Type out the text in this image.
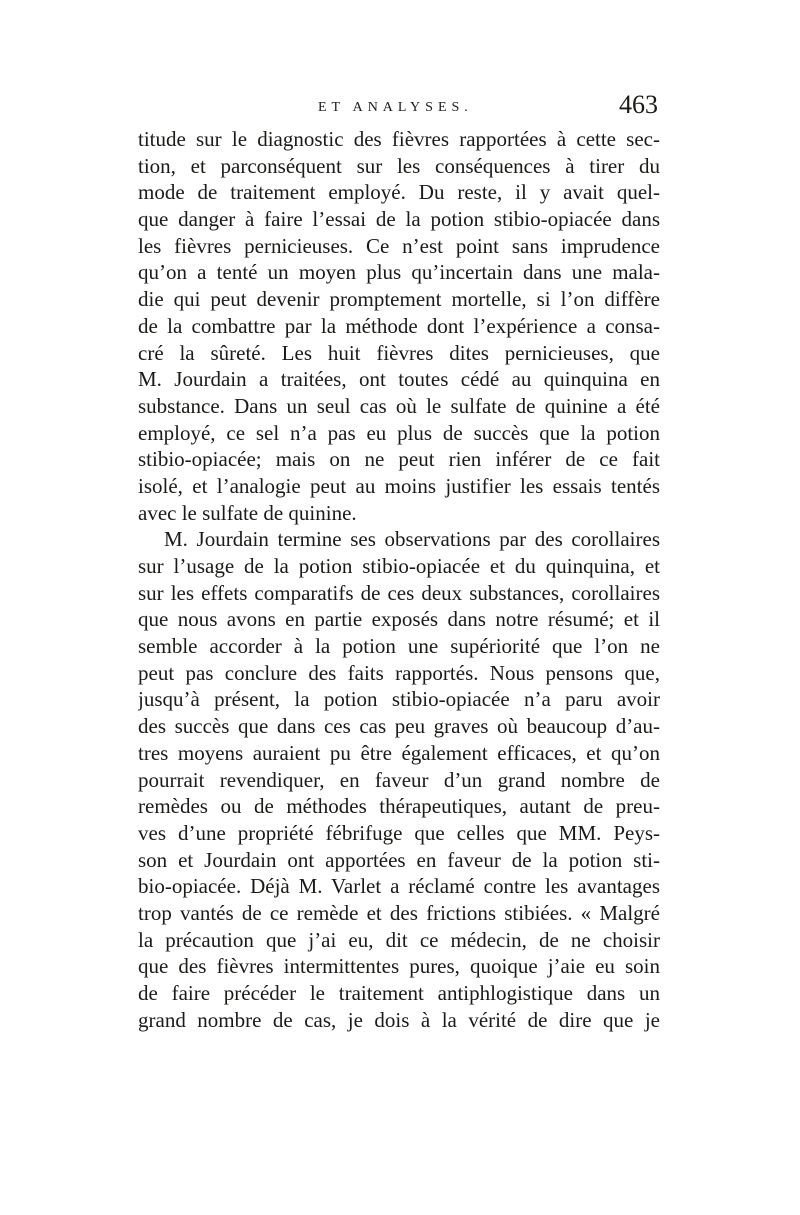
ET ANALYSES.	463
titude sur le diagnostic des fièvres rapportées à cette sec-
tion, et parconséquent sur les conséquences à tirer du
mode de traitement employé. Du reste, il y avait quel-
que danger à faire l’essai de la potion stibio-opiacée dans
les fièvres pernicieuses. Ce n’est point sans imprudence
qu’on a tenté un moyen plus qu’incertain dans une mala-
die qui peut devenir promptement mortelle, si l’on diffère
de la combattre par la méthode dont l’expérience a consa-
cré la sûreté. Les huit fièvres dites pernicieuses, que
M. Jourdain a traitées, ont toutes cédé au quinquina en
substance. Dans un seul cas où le sulfate de quinine a été
employé, ce sel n’a pas eu plus de succès que la potion
stibio-opiacée; mais on ne peut rien inférer de ce fait
isolé, et l’analogie peut au moins justifier les essais tentés
avec le sulfate de quinine.
M. Jourdain termine ses observations par des corollaires
sur l’usage de la potion stibio-opiacée et du quinquina, et
sur les effets comparatifs de ces deux substances, corollaires
que nous avons en partie exposés dans notre résumé; et il
semble accorder à la potion une supériorité que l’on ne
peut pas conclure des faits rapportés. Nous pensons que,
jusqu’à présent, la potion stibio-opiacée n’a paru avoir
des succès que dans ces cas peu graves où beaucoup d’au-
tres moyens auraient pu être également efficaces, et qu’on
pourrait revendiquer, en faveur d’un grand nombre de
remèdes ou de méthodes thérapeutiques, autant de preu-
ves d’une propriété fébrifuge que celles que MM. Peys-
son et Jourdain ont apportées en faveur de la potion sti-
bio-opiacée. Déjà M. Varlet a réclamé contre les avantages
trop vantés de ce remède et des frictions stibiées. « Malgré
la précaution que j’ai eu, dit ce médecin, de ne choisir
que des fièvres intermittentes pures, quoique j’aie eu soin
de faire précéder le traitement antiphlogistique dans un
grand nombre de cas, je dois à la vérité de dire que je
